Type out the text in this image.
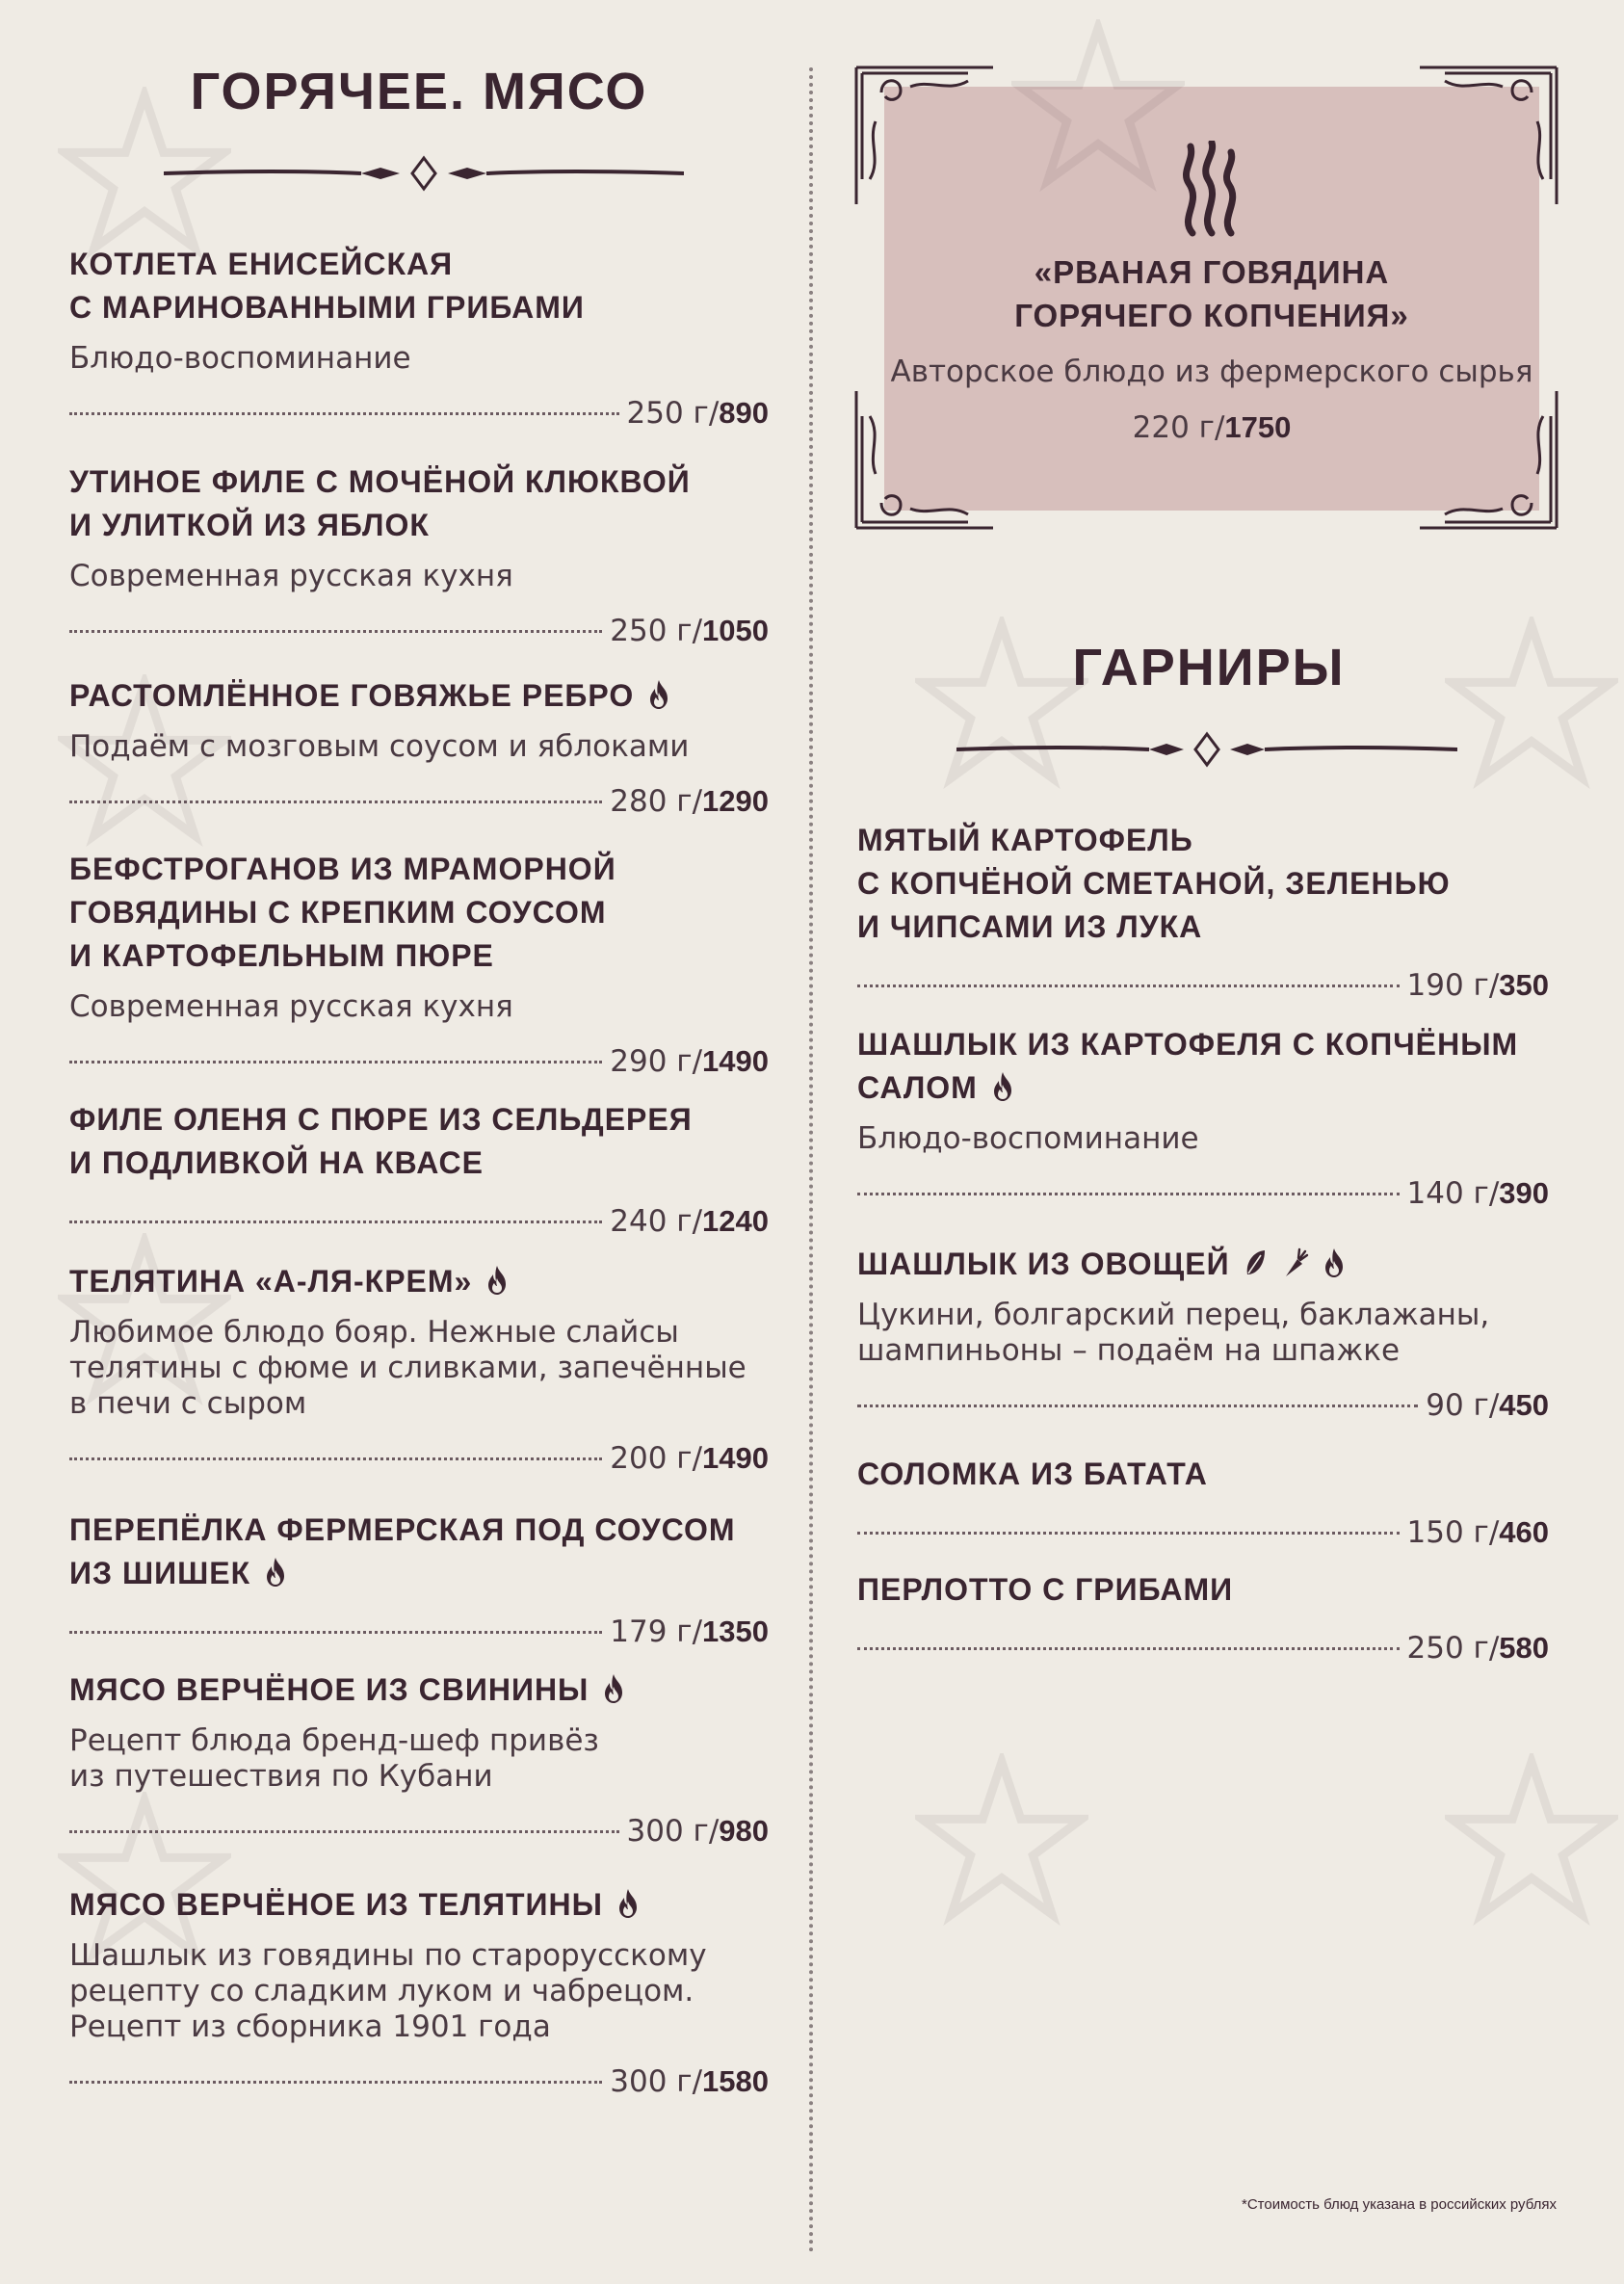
ГОРЯЧЕЕ. МЯСО
КОТЛЕТА ЕНИСЕЙСКАЯ
С МАРИНОВАННЫМИ ГРИБАМИ
Блюдо-воспоминание
250 г / 890
УТИНОЕ ФИЛЕ С МОЧЁНОЙ КЛЮКВОЙ
И УЛИТКОЙ ИЗ ЯБЛОК
Современная русская кухня
250 г / 1050
РАСТОМЛЁННОЕ ГОВЯЖЬЕ РЕБРО
Подаём с мозговым соусом и яблоками
280 г / 1290
БЕФСТРОГАНОВ ИЗ МРАМОРНОЙ
ГОВЯДИНЫ С КРЕПКИМ СОУСОМ
И КАРТОФЕЛЬНЫМ ПЮРЕ
Современная русская кухня
290 г / 1490
ФИЛЕ ОЛЕНЯ С ПЮРЕ ИЗ СЕЛЬДЕРЕЯ
И ПОДЛИВКОЙ НА КВАСЕ
240 г / 1240
ТЕЛЯТИНА «А-ЛЯ-КРЕМ»
Любимое блюдо бояр. Нежные слайсы
телятины с фюме и сливками, запечённые
в печи с сыром
200 г / 1490
ПЕРЕПЁЛКА ФЕРМЕРСКАЯ ПОД СОУСОМ
ИЗ ШИШЕК
179 г / 1350
МЯСО ВЕРЧЁНОЕ ИЗ СВИНИНЫ
Рецепт блюда бренд-шеф привёз
из путешествия по Кубани
300 г / 980
МЯСО ВЕРЧЁНОЕ ИЗ ТЕЛЯТИНЫ
Шашлык из говядины по старорусскому
рецепту со сладким луком и чабрецом.
Рецепт из сборника 1901 года
300 г / 1580
«РВАНАЯ ГОВЯДИНА
ГОРЯЧЕГО КОПЧЕНИЯ»
Авторское блюдо из фермерского сырья
220 г/1750
ГАРНИРЫ
МЯТЫЙ КАРТОФЕЛЬ
С КОПЧЁНОЙ СМЕТАНОЙ, ЗЕЛЕНЬЮ
И ЧИПСАМИ ИЗ ЛУКА
190 г / 350
ШАШЛЫК ИЗ КАРТОФЕЛЯ С КОПЧЁНЫМ
САЛОМ
Блюдо-воспоминание
140 г / 390
ШАШЛЫК ИЗ ОВОЩЕЙ
Цукини, болгарский перец, баклажаны,
шампиньоны – подаём на шпажке
90 г / 450
СОЛОМКА ИЗ БАТАТА
150 г / 460
ПЕРЛОТТО С ГРИБАМИ
250 г / 580
*Стоимость блюд указана в российских рублях
